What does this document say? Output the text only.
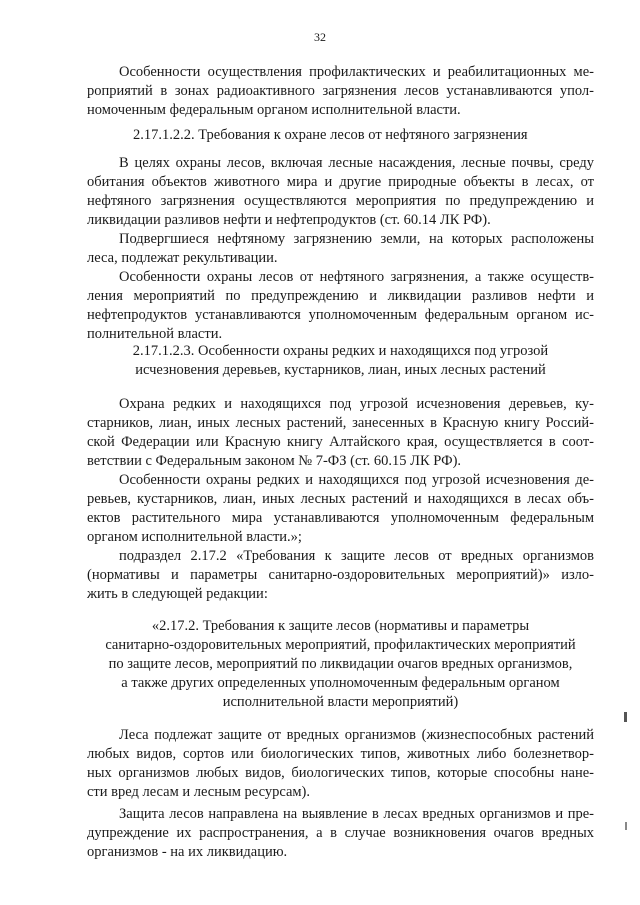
32
Особенности осуществления профилактических и реабилитационных ме-
роприятий в зонах радиоактивного загрязнения лесов устанавливаются упол-
номоченным федеральным органом исполнительной власти.
2.17.1.2.2. Требования к охране лесов от нефтяного загрязнения
В целях охраны лесов, включая лесные насаждения, лесные почвы, среду
обитания объектов животного мира и другие природные объекты в лесах, от
нефтяного загрязнения осуществляются мероприятия по предупреждению и
ликвидации разливов нефти и нефтепродуктов (ст. 60.14 ЛК РФ).
Подвергшиеся нефтяному загрязнению земли, на которых расположены
леса, подлежат рекультивации.
Особенности охраны лесов от нефтяного загрязнения, а также осуществ-
ления мероприятий по предупреждению и ликвидации разливов нефти и
нефтепродуктов устанавливаются уполномоченным федеральным органом ис-
полнительной власти.
2.17.1.2.3. Особенности охраны редких и находящихся под угрозой
исчезновения деревьев, кустарников, лиан, иных лесных растений
Охрана редких и находящихся под угрозой исчезновения деревьев, ку-
старников, лиан, иных лесных растений, занесенных в Красную книгу Россий-
ской Федерации или Красную книгу Алтайского края, осуществляется в соот-
ветствии с Федеральным законом № 7-ФЗ (ст. 60.15 ЛК РФ).
Особенности охраны редких и находящихся под угрозой исчезновения де-
ревьев, кустарников, лиан, иных лесных растений и находящихся в лесах объ-
ектов растительного мира устанавливаются уполномоченным федеральным
органом исполнительной власти.»;
подраздел 2.17.2 «Требования к защите лесов от вредных организмов
(нормативы и параметры санитарно-оздоровительных мероприятий)» изло-
жить в следующей редакции:
«2.17.2. Требования к защите лесов (нормативы и параметры
санитарно-оздоровительных мероприятий, профилактических мероприятий
по защите лесов, мероприятий по ликвидации очагов вредных организмов,
а также других определенных уполномоченным федеральным органом
исполнительной власти мероприятий)
Леса подлежат защите от вредных организмов (жизнеспособных растений
любых видов, сортов или биологических типов, животных либо болезнетвор-
ных организмов любых видов, биологических типов, которые способны нане-
сти вред лесам и лесным ресурсам).
Защита лесов направлена на выявление в лесах вредных организмов и пре-
дупреждение их распространения, а в случае возникновения очагов вредных
организмов - на их ликвидацию.
